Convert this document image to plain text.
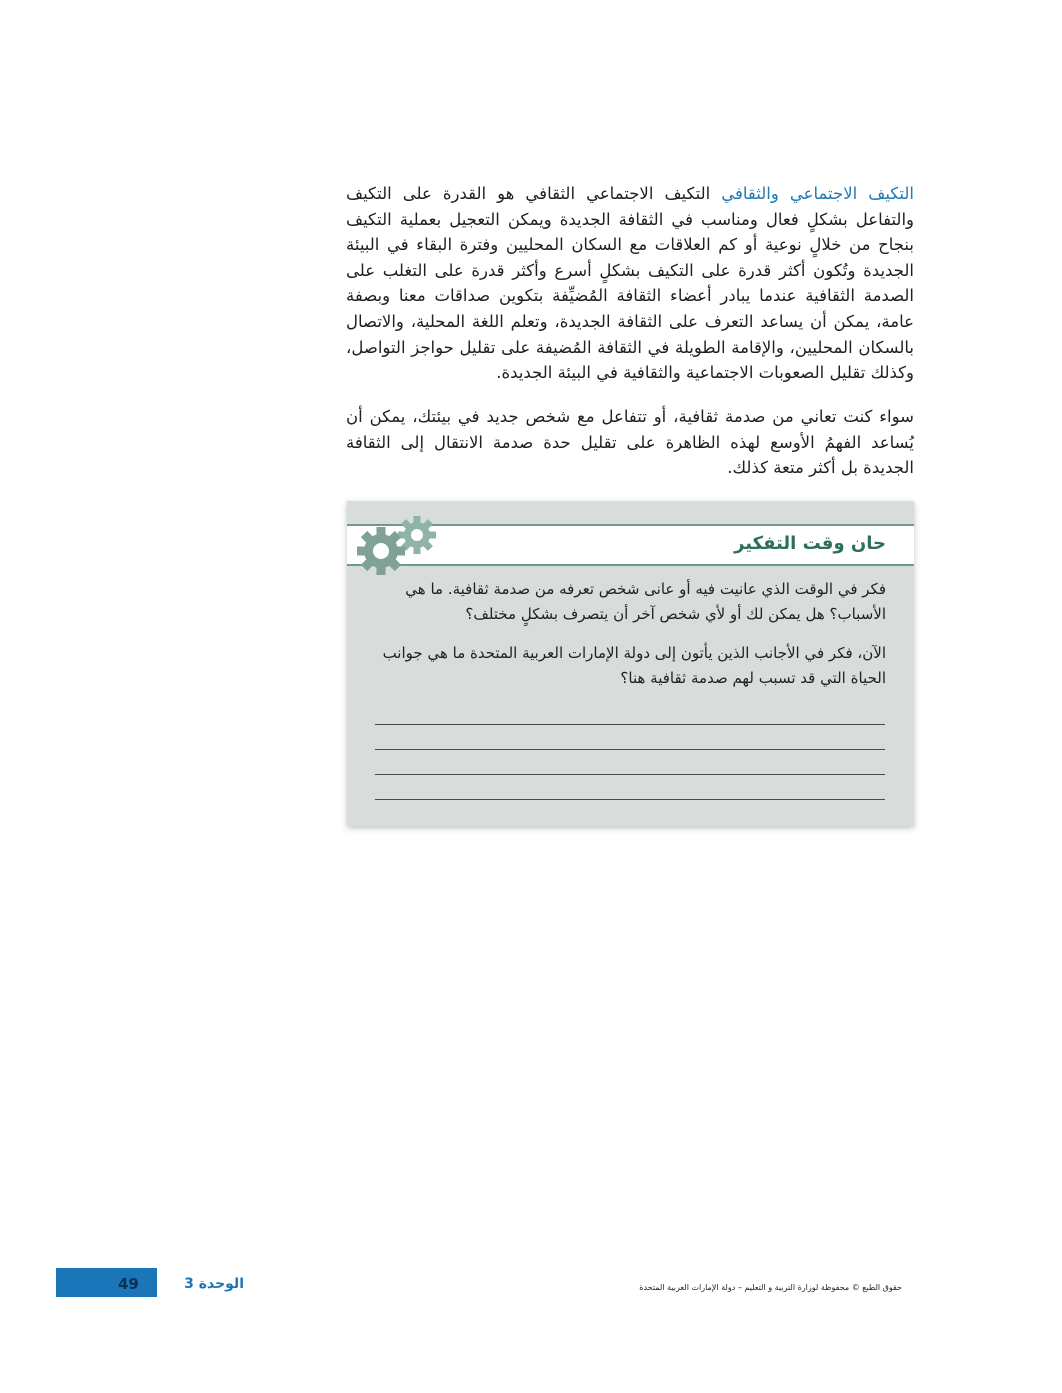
التكيف الاجتماعي والثقافي التكيف الاجتماعي الثقافي هو القدرة على التكيف والتفاعل بشكلٍ فعال ومناسب في الثقافة الجديدة ويمكن التعجيل بعملية التكيف بنجاح من خلالٍ نوعية أو كم العلاقات مع السكان المحليين وفترة البقاء في البيئة الجديدة وتُكون أكثر قدرة على التكيف بشكلٍ أسرع وأكثر قدرة على التغلب على الصدمة الثقافية عندما يبادر أعضاء الثقافة المُضيِّفة بتكوين صداقات معنا وبصفة عامة، يمكن أن يساعد التعرف على الثقافة الجديدة، وتعلم اللغة المحلية، والاتصال بالسكان المحليين، والإقامة الطويلة في الثقافة المُضيفة على تقليل حواجز التواصل، وكذلك تقليل الصعوبات الاجتماعية والثقافية في البيئة الجديدة.

سواء كنت تعاني من صدمة ثقافية، أو تتفاعل مع شخص جديد في بيئتك، يمكن أن يُساعد الفهمُ الأوسع لهذه الظاهرة على تقليل حدة صدمة الانتقال إلى الثقافة الجديدة بل أكثر متعة كذلك.

حان وقت التفكير

فكر في الوقت الذي عانيت فيه أو عانى شخص تعرفه من صدمة ثقافية. ما هي الأسباب؟ هل يمكن لك أو لأي شخص آخر أن يتصرف بشكلٍ مختلف؟

الآن، فكر في الأجانب الذين يأتون إلى دولة الإمارات العربية المتحدة ما هي جوانب الحياة التي قد تسبب لهم صدمة ثقافية هنا؟

49	الوحدة 3	حقوق الطبع © محفوظة لوزارة التربية و التعليم – دولة الإمارات العربية المتحدة
